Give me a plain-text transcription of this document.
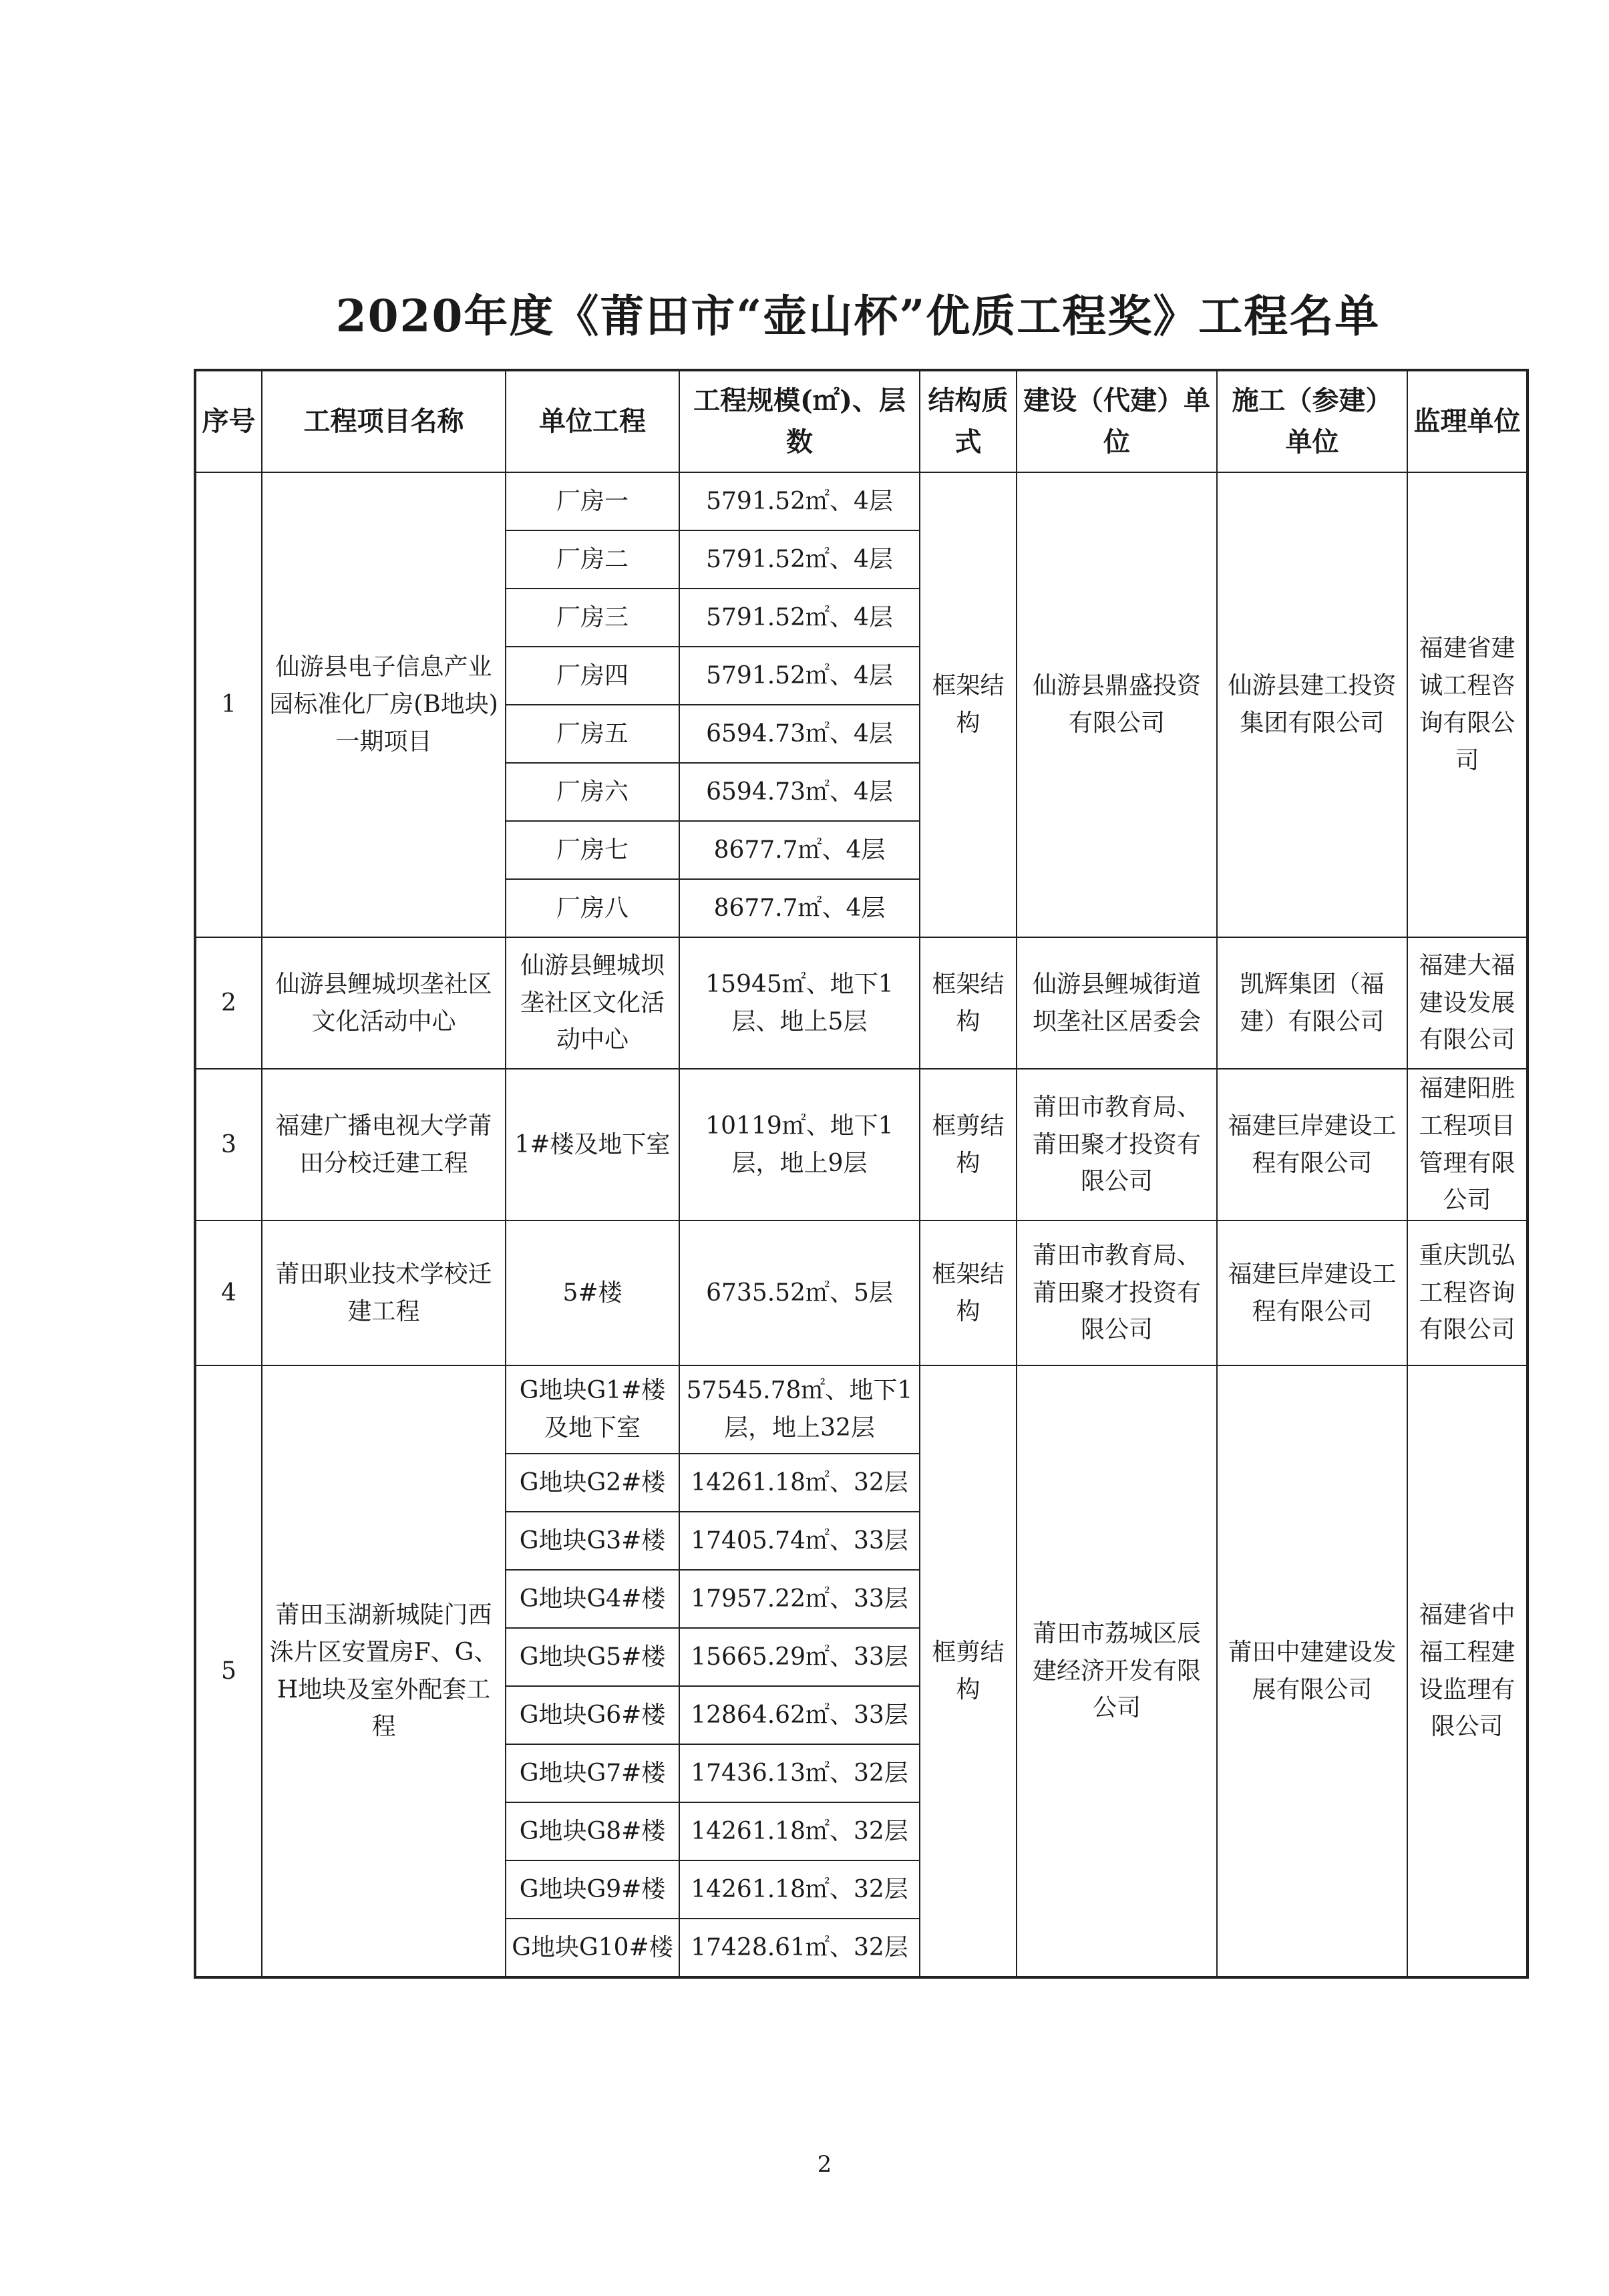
2020年度《莆田市“壶山杯”优质工程奖》工程名单
序号	工程项目名称	单位工程	工程规模(㎡)、层数	结构质式	建设（代建）单位	施工（参建）单位	监理单位
1	仙游县电子信息产业园标准化厂房(B地块)一期项目	厂房一	5791.52㎡、4层	框架结构	仙游县鼎盛投资有限公司	仙游县建工投资集团有限公司	福建省建诚工程咨询有限公司
		厂房二	5791.52㎡、4层				
		厂房三	5791.52㎡、4层				
		厂房四	5791.52㎡、4层				
		厂房五	6594.73㎡、4层				
		厂房六	6594.73㎡、4层				
		厂房七	8677.7㎡、4层				
		厂房八	8677.7㎡、4层				
2	仙游县鲤城坝垄社区文化活动中心	仙游县鲤城坝垄社区文化活动中心	15945㎡、地下1层、地上5层	框架结构	仙游县鲤城街道坝垄社区居委会	凯辉集团（福建）有限公司	福建大福建设发展有限公司
3	福建广播电视大学莆田分校迁建工程	1#楼及地下室	10119㎡、地下1层，地上9层	框剪结构	莆田市教育局、莆田聚才投资有限公司	福建巨岸建设工程有限公司	福建阳胜工程项目管理有限公司
4	莆田职业技术学校迁建工程	5#楼	6735.52㎡、5层	框架结构	莆田市教育局、莆田聚才投资有限公司	福建巨岸建设工程有限公司	重庆凯弘工程咨询有限公司
5	莆田玉湖新城陡门西洙片区安置房F、G、H地块及室外配套工程	G地块G1#楼及地下室	57545.78㎡、地下1层，地上32层	框剪结构	莆田市荔城区辰建经济开发有限公司	莆田中建建设发展有限公司	福建省中福工程建设监理有限公司
		G地块G2#楼	14261.18㎡、32层				
		G地块G3#楼	17405.74㎡、33层				
		G地块G4#楼	17957.22㎡、33层				
		G地块G5#楼	15665.29㎡、33层				
		G地块G6#楼	12864.62㎡、33层				
		G地块G7#楼	17436.13㎡、32层				
		G地块G8#楼	14261.18㎡、32层				
		G地块G9#楼	14261.18㎡、32层				
		G地块G10#楼	17428.61㎡、32层				
2
